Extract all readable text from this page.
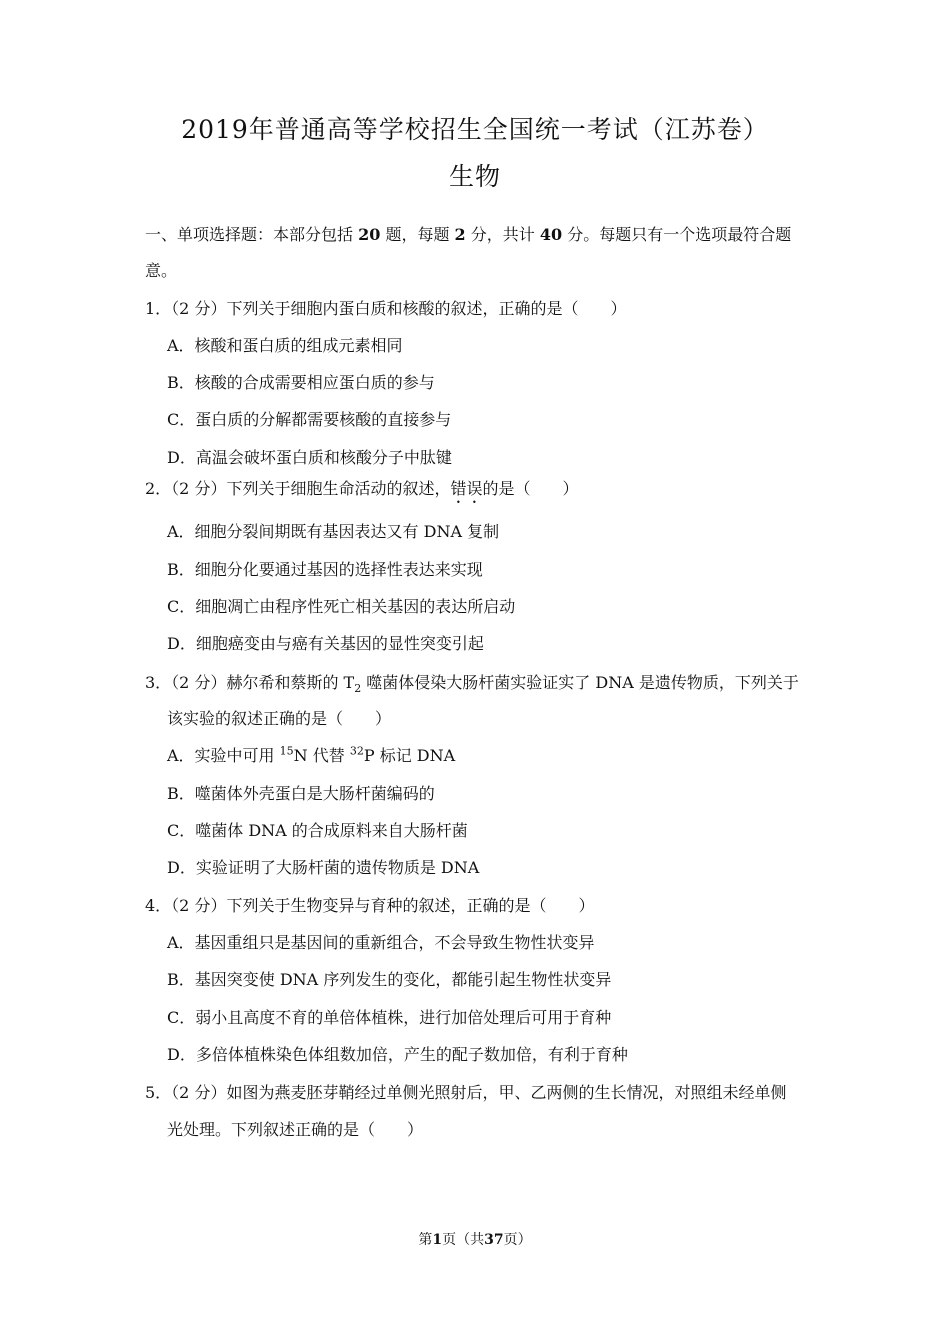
2019年普通高等学校招生全国统一考试（江苏卷）
生物
一、单项选择题：本部分包括 20 题，每题 2 分，共计 40 分。每题只有一个选项最符合题
意。
1．（2 分）下列关于细胞内蛋白质和核酸的叙述，正确的是（　　）
A．核酸和蛋白质的组成元素相同
B．核酸的合成需要相应蛋白质的参与
C．蛋白质的分解都需要核酸的直接参与
D．高温会破坏蛋白质和核酸分子中肽键
2．（2 分）下列关于细胞生命活动的叙述，错误的是（　　）
A．细胞分裂间期既有基因表达又有 DNA 复制
B．细胞分化要通过基因的选择性表达来实现
C．细胞凋亡由程序性死亡相关基因的表达所启动
D．细胞癌变由与癌有关基因的显性突变引起
3．（2 分）赫尔希和蔡斯的 $T_2$ 噬菌体侵染大肠杆菌实验证实了 DNA 是遗传物质，下列关于
该实验的叙述正确的是（　　）
A．实验中可用 $^{15}$N 代替 $^{32}$P 标记 DNA
B．噬菌体外壳蛋白是大肠杆菌编码的
C．噬菌体 DNA 的合成原料来自大肠杆菌
D．实验证明了大肠杆菌的遗传物质是 DNA
4．（2 分）下列关于生物变异与育种的叙述，正确的是（　　）
A．基因重组只是基因间的重新组合，不会导致生物性状变异
B．基因突变使 DNA 序列发生的变化，都能引起生物性状变异
C．弱小且高度不育的单倍体植株，进行加倍处理后可用于育种
D．多倍体植株染色体组数加倍，产生的配子数加倍，有利于育种
5．（2 分）如图为燕麦胚芽鞘经过单侧光照射后，甲、乙两侧的生长情况，对照组未经单侧
光处理。下列叙述正确的是（　　）
第1页（共37页）
